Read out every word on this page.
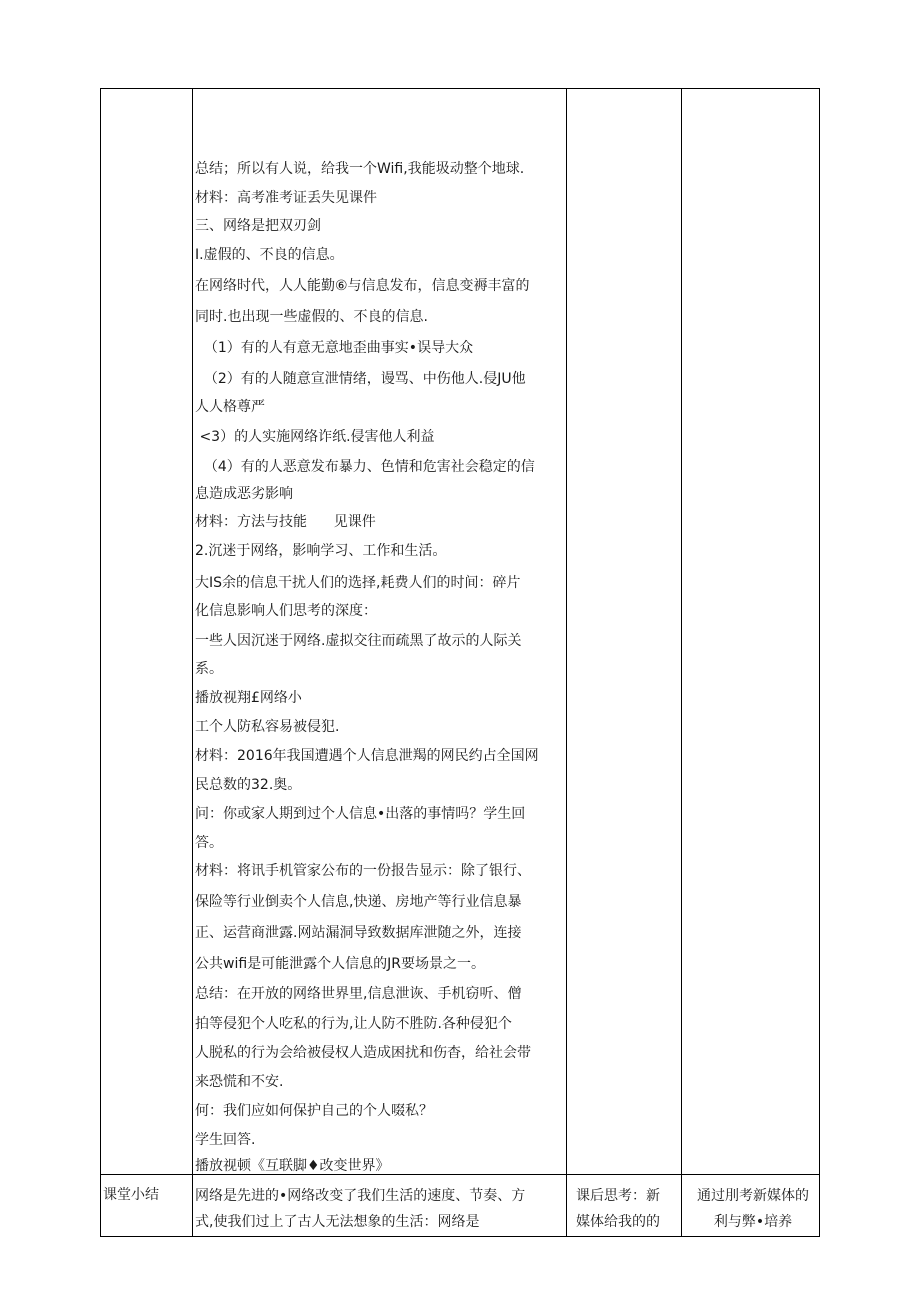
总结；所以有人说，给我一个Wifi,我能圾动整个地球.
材料：高考准考证丢失见课件
三、网络是把双刃剑
I.虚假的、不良的信息。
在网络时代，人人能勤⑥与信息发布，信息变褥丰富的
同时.也出现一些虚假的、不良的信息.
（1）有的人有意无意地歪曲事实•误导大众
（2）有的人随意宣泄情绪，谩骂、中伤他人.侵JU他
人人格尊严
<3）的人实施网络诈纸.侵害他人利益
（4）有的人恶意发布暴力、色情和危害社会稳定的信
息造成恶劣影响
材料：方法与技能      见课件
2.沉迷于网络，影响学习、工作和生活。
大IS余的信息干扰人们的选择,耗费人们的时间：碎片
化信息影响人们思考的深度：
一些人因沉迷于网络.虚拟交往而疏黑了故示的人际关
系。
播放视翔£网络小
工个人防私容易被侵犯.
材料：2016年我国遭遇个人信息泄羯的网民约占全国网
民总数的32.奥。
问：你或家人期到过个人信息•出落的事情吗？学生回
答。
材料：将讯手机管家公布的一份报告显示：除了银行、
保险等行业倒卖个人信息,快递、房地产等行业信息暴
正、运营商泄露.网站漏洞导致数据库泄随之外，连接
公共wifi是可能泄露个人信息的JR要场景之一。
总结：在开放的网络世界里,信息泄诙、手机窃听、僧
拍等侵犯个人吃私的行为,让人防不胜防.各种侵犯个
人脱私的行为会给被侵权人造成困扰和伤杳，给社会带
来恐慌和不安.
何：我们应如何保护自己的个人啜私？
学生回答.
播放视顿《互联脚♦改变世界》
课堂小结	网络是先进的•网络改变了我们生活的速度、节奏、方
式,使我们过上了古人无法想象的生活：网络是
课后思考：新
媒体给我的的
通过刖考新媒体的
利与弊•培养
